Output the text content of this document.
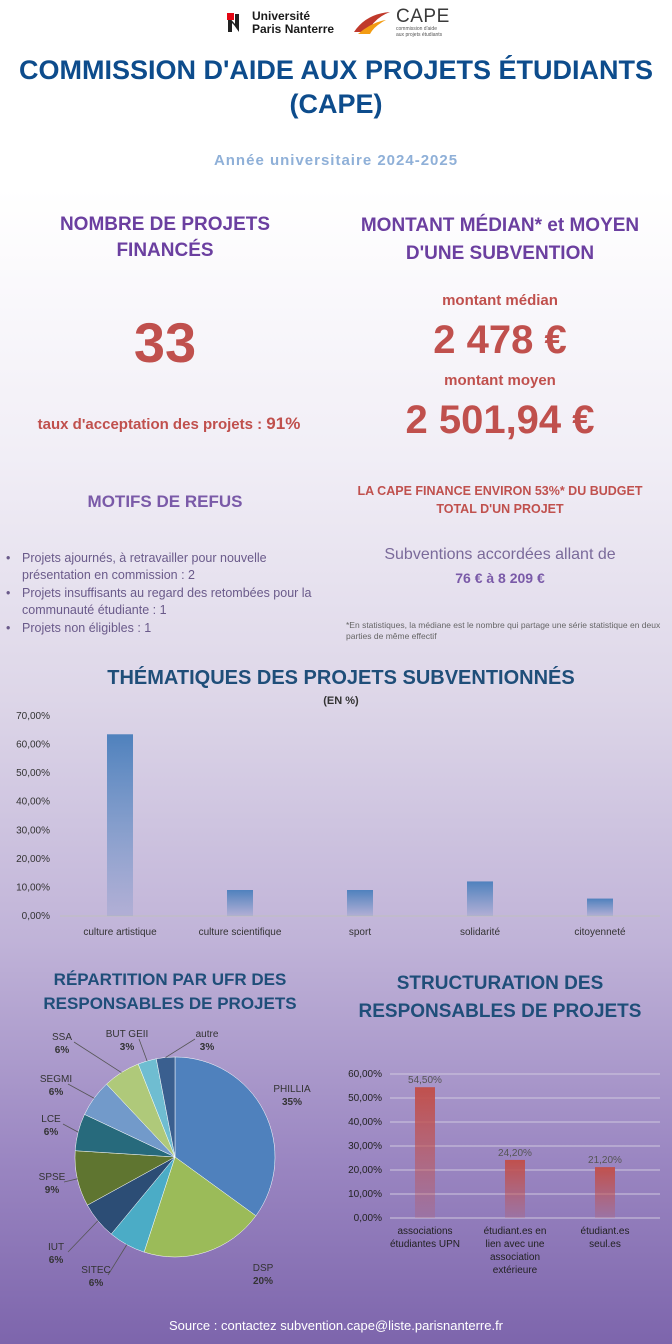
Université
Paris Nanterre
CAPE
commission d'aide
aux projets étudiants
COMMISSION D'AIDE AUX PROJETS ÉTUDIANTS
(CAPE)
Année universitaire 2024-2025
NOMBRE DE PROJETS FINANCÉS
33
taux d'acceptation des projets : 91%
MONTANT MÉDIAN* et MOYEN D'UNE SUBVENTION
montant médian
2 478 €
montant moyen
2 501,94 €
MOTIFS DE REFUS
• Projets ajournés, à retravailler pour nouvelle présentation en commission : 2
• Projets insuffisants au regard des retombées pour la communauté étudiante : 1
• Projets non éligibles : 1
LA CAPE FINANCE ENVIRON 53%* DU BUDGET TOTAL D'UN PROJET
Subventions accordées allant de
76 € à 8 209 €
*En statistiques, la médiane est le nombre qui partage une série statistique en deux parties de même effectif
THÉMATIQUES DES PROJETS SUBVENTIONNÉS
(EN %)
0,00%
10,00%
20,00%
30,00%
40,00%
50,00%
60,00%
70,00%
culture artistique	culture scientifique	sport	solidarité	citoyenneté
RÉPARTITION PAR UFR DES RESPONSABLES DE PROJETS
PHILLIA
35%
DSP
20%
SITEC
6%
IUT
6%
SPSE
9%
LCE
6%
SEGMI
6%
SSA
6%
BUT GEII
3%
autre
3%
STRUCTURATION DES RESPONSABLES DE PROJETS
0,00%
10,00%
20,00%
30,00%
40,00%
50,00%
60,00%
54,50%
associations étudiantes UPN
24,20%
étudiant.es en lien avec une association extérieure
21,20%
étudiant.es seul.es
Source : contactez subvention.cape@liste.parisnanterre.fr
